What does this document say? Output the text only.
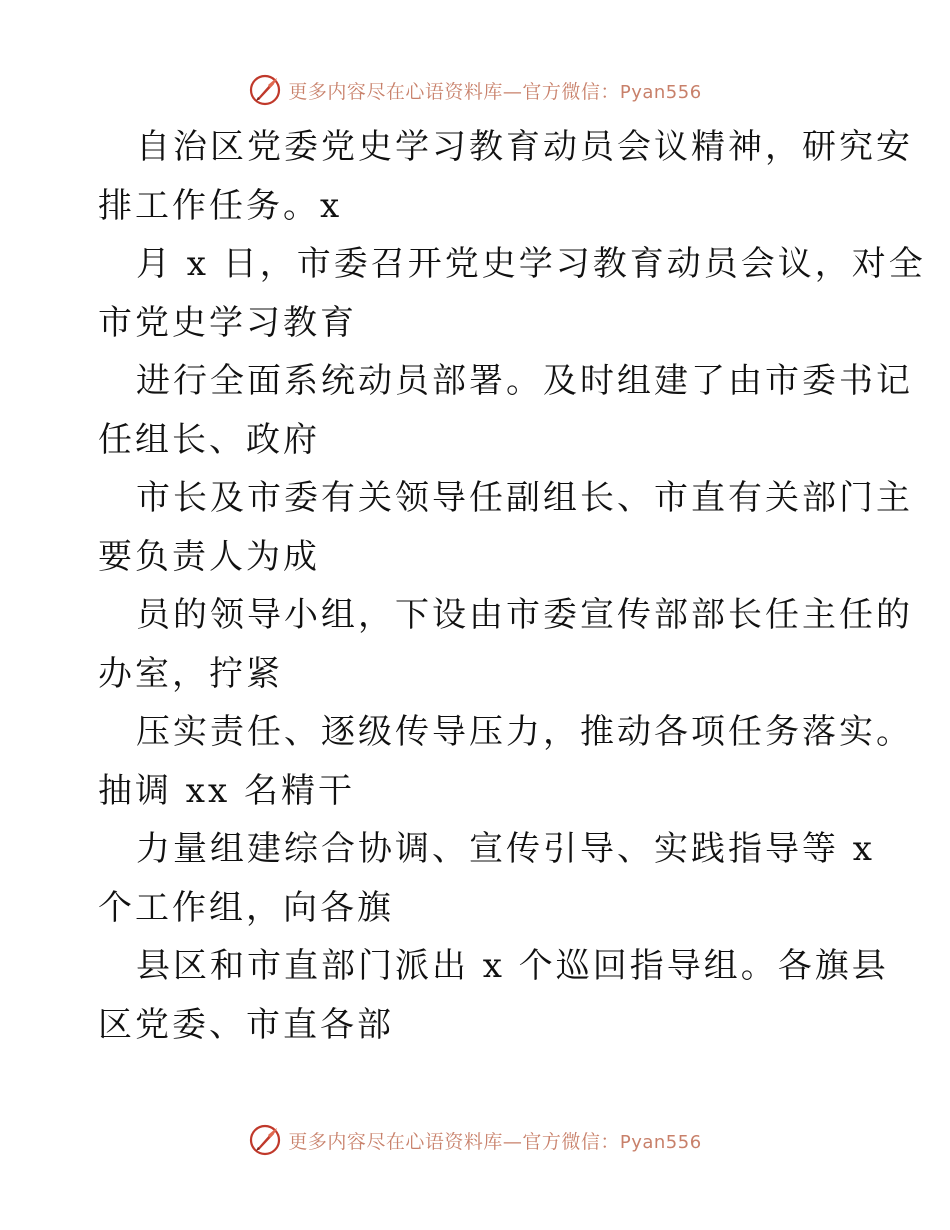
更多内容尽在心语资料库—官方微信：Pyan556
自治区党委党史学习教育动员会议精神，研究安
排工作任务。x
月 x 日，市委召开党史学习教育动员会议，对全
市党史学习教育
进行全面系统动员部署。及时组建了由市委书记
任组长、政府
市长及市委有关领导任副组长、市直有关部门主
要负责人为成
员的领导小组，下设由市委宣传部部长任主任的
办室，拧紧
压实责任、逐级传导压力，推动各项任务落实。
抽调 xx 名精干
力量组建综合协调、宣传引导、实践指导等 x
个工作组，向各旗
县区和市直部门派出 x 个巡回指导组。各旗县
区党委、市直各部
更多内容尽在心语资料库—官方微信：Pyan556
